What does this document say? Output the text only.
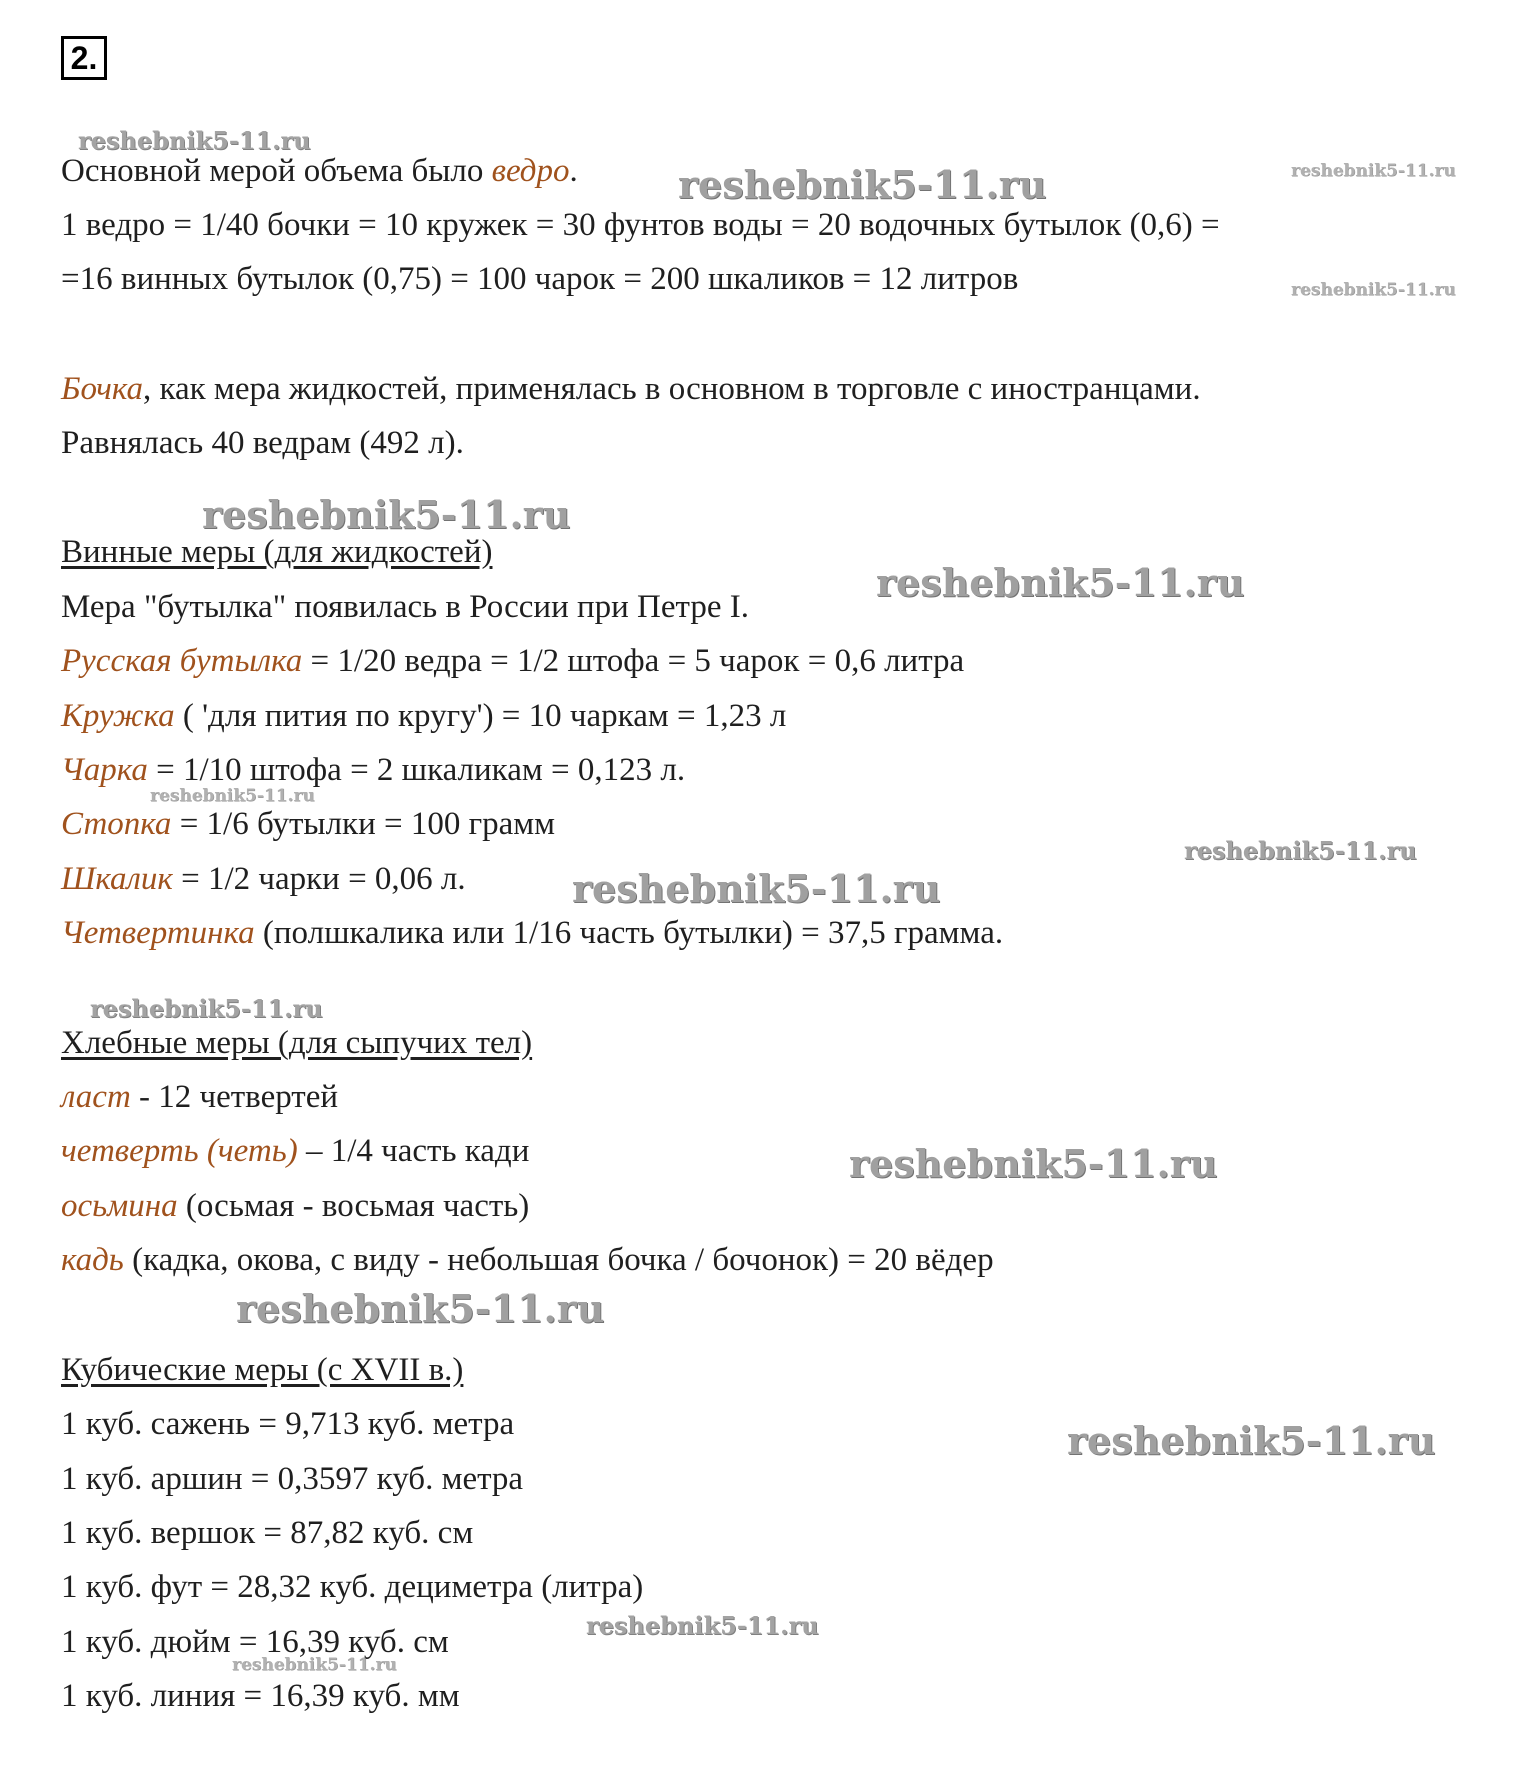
2.
Основной мерой объема было ведро.
1 ведро = 1/40 бочки = 10 кружек = 30 фунтов воды = 20 водочных бутылок (0,6) =
=16 винных бутылок (0,75) = 100 чарок = 200 шкаликов = 12 литров
Бочка, как мера жидкостей, применялась в основном в торговле с иностранцами.
Равнялась 40 ведрам (492 л).
Винные меры (для жидкостей)
Мера "бутылка" появилась в России при Петре I.
Русская бутылка = 1/20 ведра = 1/2 штофа = 5 чарок = 0,6 литра
Кружка ( 'для пития по кругу') = 10 чаркам = 1,23 л
Чарка = 1/10 штофа = 2 шкаликам = 0,123 л.
Стопка = 1/6 бутылки = 100 грамм
Шкалик = 1/2 чарки = 0,06 л.
Четвертинка (полшкалика или 1/16 часть бутылки) = 37,5 грамма.
Хлебные меры (для сыпучих тел)
ласт - 12 четвертей
четверть (четь) – 1/4 часть кади
осьмина (осьмая - восьмая часть)
кадь (кадка, окова, с виду - небольшая бочка / бочонок) = 20 вёдер
Кубические меры (с XVII в.)
1 куб. сажень = 9,713 куб. метра
1 куб. аршин = 0,3597 куб. метра
1 куб. вершок = 87,82 куб. см
1 куб. фут = 28,32 куб. дециметра (литра)
1 куб. дюйм = 16,39 куб. см
1 куб. линия = 16,39 куб. мм
reshebnik5-11.ru
reshebnik5-11.ru	reshebnik5-11.ru
reshebnik5-11.ru
reshebnik5-11.ru
reshebnik5-11.ru
reshebnik5-11.ru
reshebnik5-11.ru
reshebnik5-11.ru
reshebnik5-11.ru
reshebnik5-11.ru
reshebnik5-11.ru
reshebnik5-11.ru
reshebnik5-11.ru
reshebnik5-11.ru
